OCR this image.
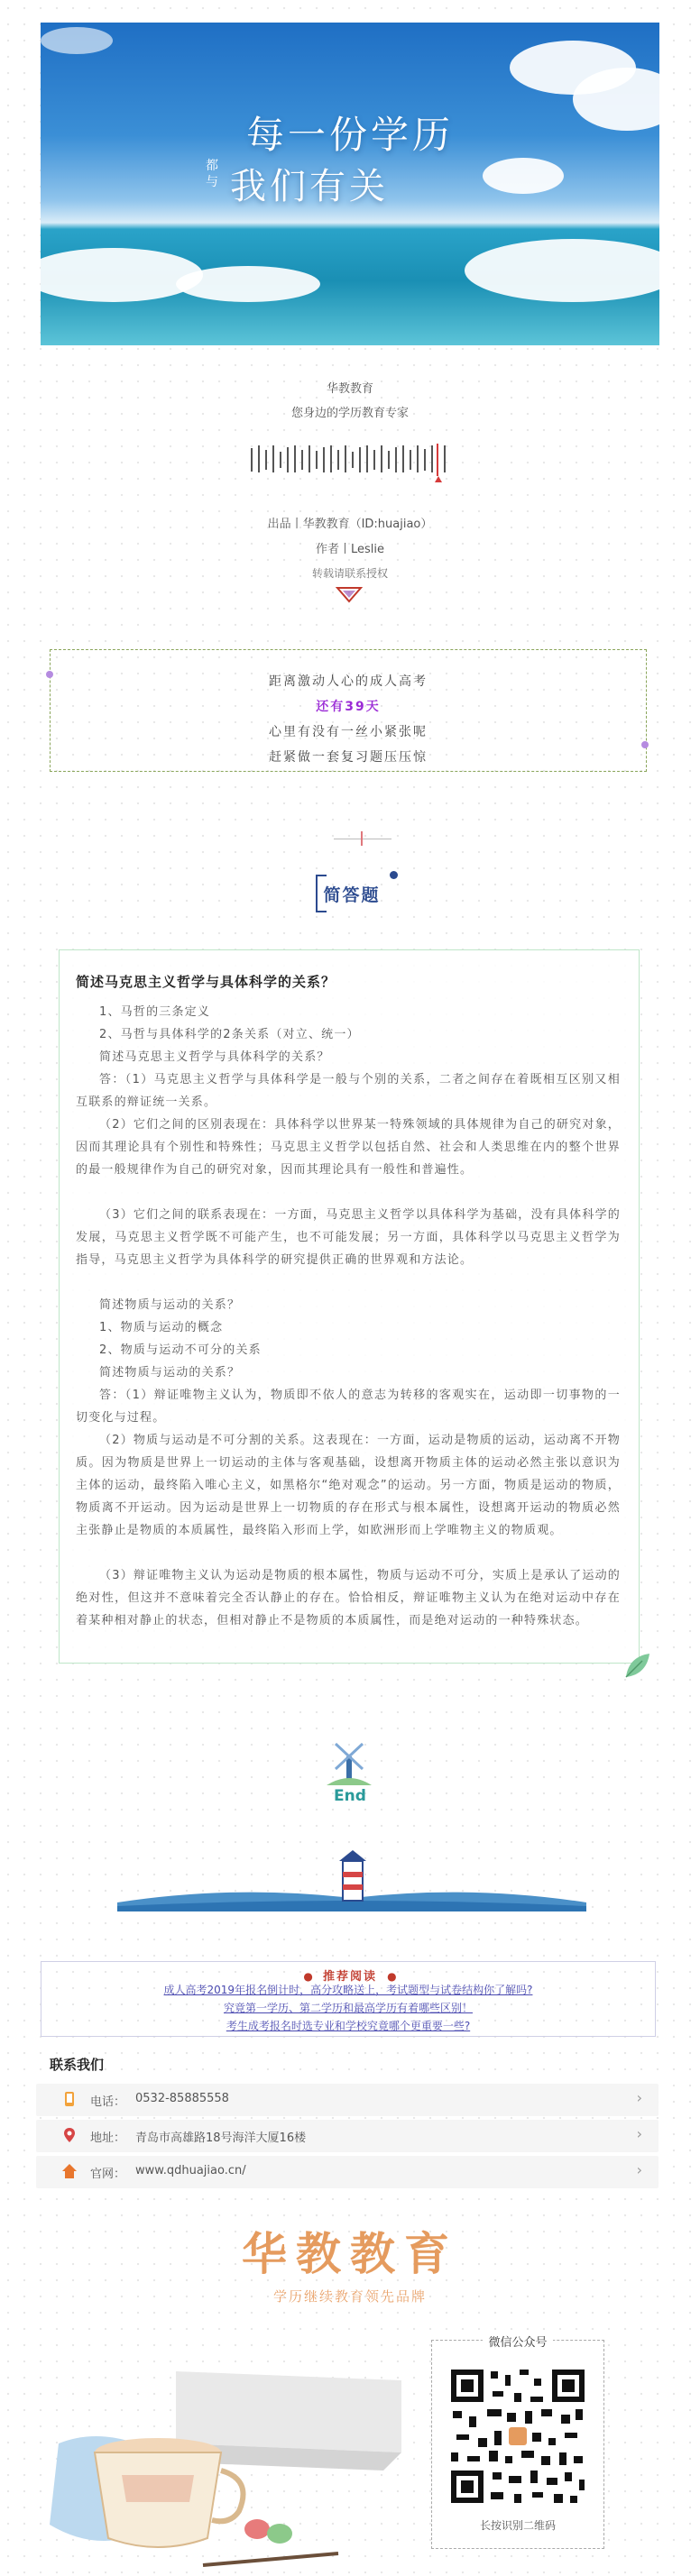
每一份学历
都与 我们有关
华教教育
您身边的学历教育专家
出品丨华教教育（ID:huajiao）
作者丨Leslie
转载请联系授权
距离激动人心的成人高考
还有39天
心里有没有一丝小紧张呢
赶紧做一套复习题压压惊
简答题
简述马克思主义哲学与具体科学的关系？
1、马哲的三条定义
2、马哲与具体科学的2条关系（对立、统一）
简述马克思主义哲学与具体科学的关系？
答：（1）马克思主义哲学与具体科学是一般与个别的关系，二者之间存在着既相互区别又相互联系的辩证统一关系。
（2）它们之间的区别表现在：具体科学以世界某一特殊领域的具体规律为自己的研究对象，因而其理论具有个别性和特殊性；马克思主义哲学以包括自然、社会和人类思维在内的整个世界的最一般规律作为自己的研究对象，因而其理论具有一般性和普遍性。
（3）它们之间的联系表现在：一方面，马克思主义哲学以具体科学为基础，没有具体科学的发展，马克思主义哲学既不可能产生，也不可能发展；另一方面，具体科学以马克思主义哲学为指导，马克思主义哲学为具体科学的研究提供正确的世界观和方法论。
简述物质与运动的关系？
1、物质与运动的概念
2、物质与运动不可分的关系
简述物质与运动的关系？
答：（1）辩证唯物主义认为，物质即不依人的意志为转移的客观实在，运动即一切事物的一切变化与过程。
（2）物质与运动是不可分割的关系。这表现在：一方面，运动是物质的运动，运动离不开物质。因为物质是世界上一切运动的主体与客观基础，设想离开物质主体的运动必然主张以意识为主体的运动，最终陷入唯心主义，如黑格尔“绝对观念”的运动。另一方面，物质是运动的物质，物质离不开运动。因为运动是世界上一切物质的存在形式与根本属性，设想离开运动的物质必然主张静止是物质的本质属性，最终陷入形而上学，如欧洲形而上学唯物主义的物质观。
（3）辩证唯物主义认为运动是物质的根本属性，物质与运动不可分，实质上是承认了运动的绝对性，但这并不意味着完全否认静止的存在。恰恰相反，辩证唯物主义认为在绝对运动中存在着某种相对静止的状态，但相对静止不是物质的本质属性，而是绝对运动的一种特殊状态。
End
● 推荐阅读 ●
成人高考2019年报名倒计时，高分攻略送上，考试题型与试卷结构你了解吗?
究竟第一学历、第二学历和最高学历有着哪些区别！
考生成考报名时选专业和学校究竟哪个更重要一些?
联系我们
电话： 0532-85885558	›
地址： 青岛市高雄路18号海洋大厦16楼	›
官网： www.qdhuajiao.cn/	›
华教教育
学历继续教育领先品牌
微信公众号
长按识别二维码
